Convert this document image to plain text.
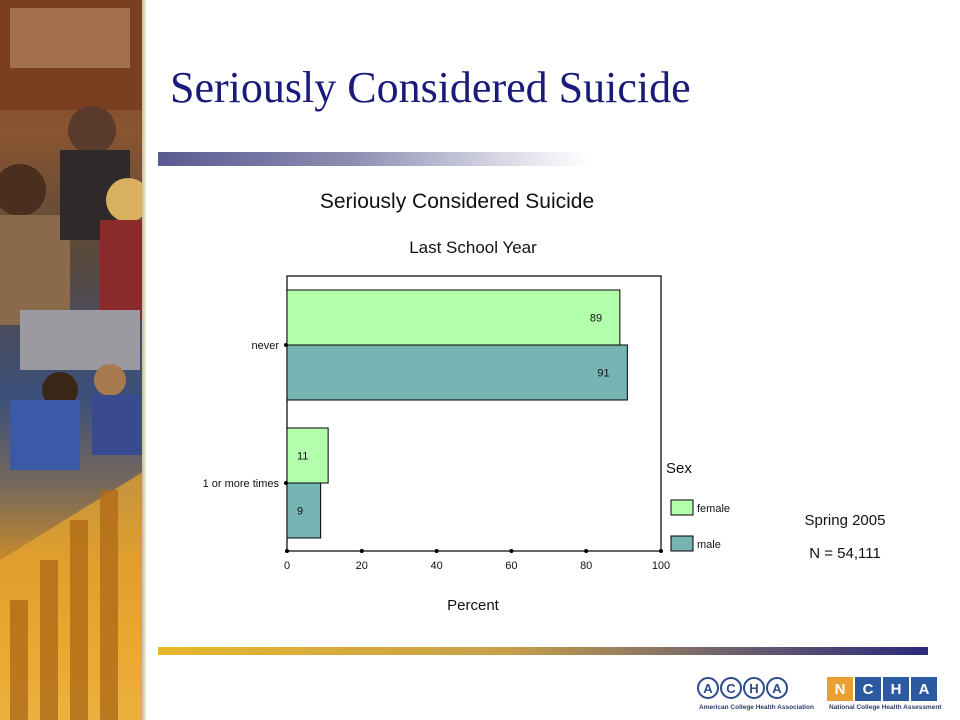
Seriously Considered Suicide
Seriously Considered Suicide
Last School Year
89
91
never
11
9
1 or more times
0	20	40	60	80	100
Percent
Sex
female
male
Spring 2005
N = 54,111
A	C	H	A	N	C	H	A
American College Health Association National College Health Assessment
